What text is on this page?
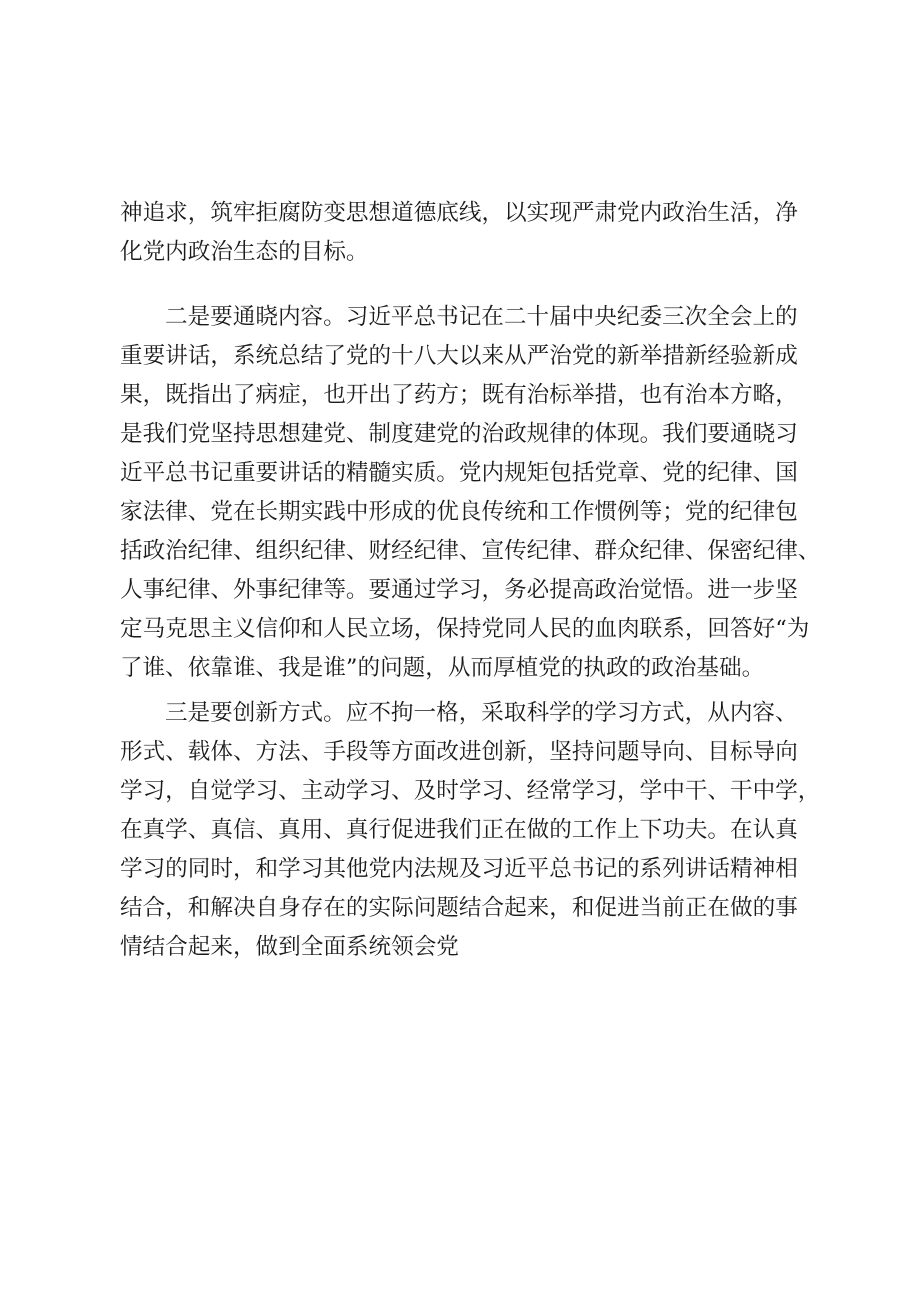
神追求，筑牢拒腐防变思想道德底线，以实现严肃党内政治生活，净
化党内政治生态的目标。
二是要通晓内容。习近平总书记在二十届中央纪委三次全会上的
重要讲话，系统总结了党的十八大以来从严治党的新举措新经验新成
果，既指出了病症，也开出了药方；既有治标举措，也有治本方略，
是我们党坚持思想建党、制度建党的治政规律的体现。我们要通晓习
近平总书记重要讲话的精髓实质。党内规矩包括党章、党的纪律、国
家法律、党在长期实践中形成的优良传统和工作惯例等；党的纪律包
括政治纪律、组织纪律、财经纪律、宣传纪律、群众纪律、保密纪律、
人事纪律、外事纪律等。要通过学习，务必提高政治觉悟。进一步坚
定马克思主义信仰和人民立场，保持党同人民的血肉联系，回答好“为
了谁、依靠谁、我是谁”的问题，从而厚植党的执政的政治基础。
三是要创新方式。应不拘一格，采取科学的学习方式，从内容、
形式、载体、方法、手段等方面改进创新，坚持问题导向、目标导向
学习，自觉学习、主动学习、及时学习、经常学习，学中干、干中学，
在真学、真信、真用、真行促进我们正在做的工作上下功夫。在认真
学习的同时，和学习其他党内法规及习近平总书记的系列讲话精神相
结合，和解决自身存在的实际问题结合起来，和促进当前正在做的事
情结合起来，做到全面系统领会党
